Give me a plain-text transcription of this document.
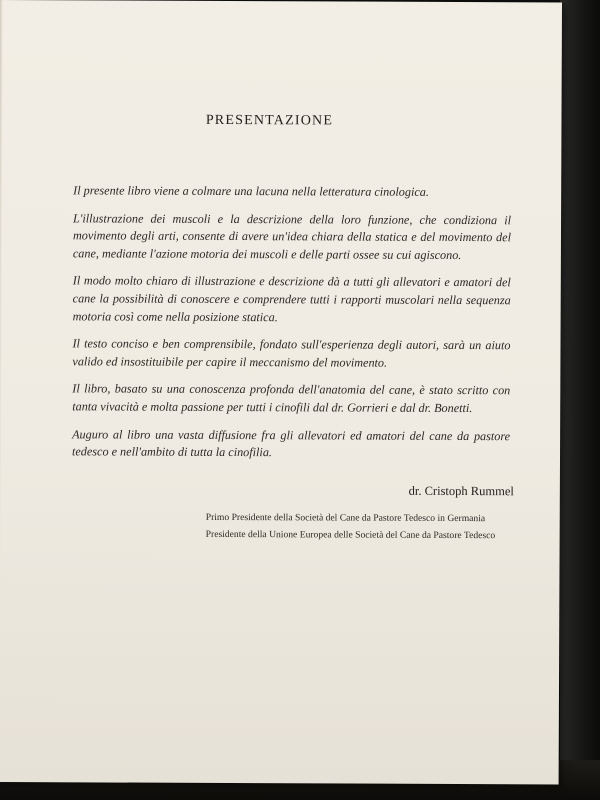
PRESENTAZIONE

Il presente libro viene a colmare una lacuna nella letteratura cinologica.

L'illustrazione dei muscoli e la descrizione della loro funzione, che condiziona il movimento degli arti, consente di avere un'idea chiara della statica e del movimento del cane, mediante l'azione motoria dei muscoli e delle parti ossee su cui agiscono.

Il modo molto chiaro di illustrazione e descrizione dà a tutti gli allevatori e amatori del cane la possibilità di conoscere e comprendere tutti i rapporti muscolari nella sequenza motoria così come nella posizione statica.

Il testo conciso e ben comprensibile, fondato sull'esperienza degli autori, sarà un aiuto valido ed insostituibile per capire il meccanismo del movimento.

Il libro, basato su una conoscenza profonda dell'anatomia del cane, è stato scritto con tanta vivacità e molta passione per tutti i cinofili dal dr. Gorrieri e dal dr. Bonetti.

Auguro al libro una vasta diffusione fra gli allevatori ed amatori del cane da pastore tedesco e nell'ambito di tutta la cinofilia.

dr. Cristoph Rummel
Primo Presidente della Società del Cane da Pastore Tedesco in Germania
Presidente della Unione Europea delle Società del Cane da Pastore Tedesco
